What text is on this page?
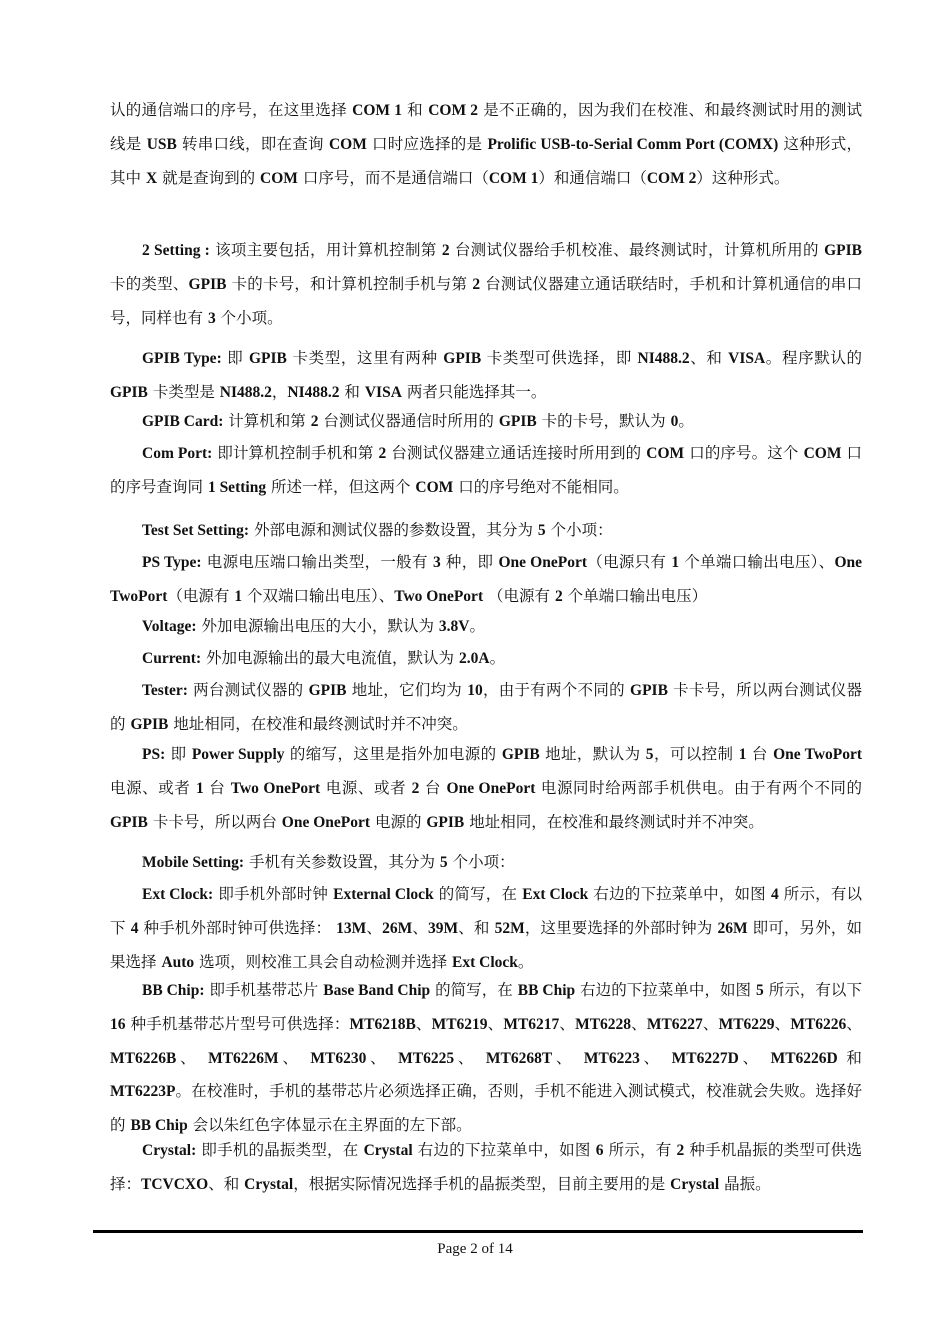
认的通信端口的序号，在这里选择 COM 1 和 COM 2 是不正确的，因为我们在校准、和最终测试时用的测试线是 USB 转串口线，即在查询 COM 口时应选择的是 Prolific USB-to-Serial Comm Port (COMX) 这种形式，其中 X 就是查询到的 COM 口序号，而不是通信端口（COM 1）和通信端口（COM 2）这种形式。

2 Setting : 该项主要包括，用计算机控制第 2 台测试仪器给手机校准、最终测试时，计算机所用的 GPIB 卡的类型、GPIB 卡的卡号，和计算机控制手机与第 2 台测试仪器建立通话联结时，手机和计算机通信的串口号，同样也有 3 个小项。

GPIB Type: 即 GPIB 卡类型，这里有两种 GPIB 卡类型可供选择，即 NI488.2、和 VISA。程序默认的 GPIB 卡类型是 NI488.2，NI488.2 和 VISA 两者只能选择其一。

GPIB Card: 计算机和第 2 台测试仪器通信时所用的 GPIB 卡的卡号，默认为 0。

Com Port: 即计算机控制手机和第 2 台测试仪器建立通话连接时所用到的 COM 口的序号。这个 COM 口的序号查询同 1 Setting 所述一样，但这两个 COM 口的序号绝对不能相同。

Test Set Setting: 外部电源和测试仪器的参数设置，其分为 5 个小项：

PS Type: 电源电压端口输出类型，一般有 3 种，即 One OnePort（电源只有 1 个单端口输出电压）、One TwoPort（电源有 1 个双端口输出电压）、Two OnePort （电源有 2 个单端口输出电压）

Voltage: 外加电源输出电压的大小，默认为 3.8V。

Current: 外加电源输出的最大电流值，默认为 2.0A。

Tester: 两台测试仪器的 GPIB 地址，它们均为 10，由于有两个不同的 GPIB 卡卡号，所以两台测试仪器的 GPIB 地址相同，在校准和最终测试时并不冲突。

PS: 即 Power Supply 的缩写，这里是指外加电源的 GPIB 地址，默认为 5，可以控制 1 台 One TwoPort 电源、或者 1 台 Two OnePort 电源、或者 2 台 One OnePort 电源同时给两部手机供电。由于有两个不同的 GPIB 卡卡号，所以两台 One OnePort 电源的 GPIB 地址相同，在校准和最终测试时并不冲突。

Mobile Setting: 手机有关参数设置，其分为 5 个小项：

Ext Clock: 即手机外部时钟 External Clock 的简写，在 Ext Clock 右边的下拉菜单中，如图 4 所示，有以下 4 种手机外部时钟可供选择： 13M、26M、39M、和 52M，这里要选择的外部时钟为 26M 即可，另外，如果选择 Auto 选项，则校准工具会自动检测并选择 Ext Clock。

BB Chip: 即手机基带芯片 Base Band Chip 的简写，在 BB Chip 右边的下拉菜单中，如图 5 所示，有以下 16 种手机基带芯片型号可供选择：MT6218B、MT6219、MT6217、MT6228、MT6227、MT6229、MT6226、MT6226B、 MT6226M、 MT6230、 MT6225、 MT6268T、 MT6223、 MT6227D、 MT6226D 和 MT6223P。在校准时，手机的基带芯片必须选择正确，否则，手机不能进入测试模式，校准就会失败。选择好的 BB Chip 会以朱红色字体显示在主界面的左下部。

Crystal: 即手机的晶振类型，在 Crystal 右边的下拉菜单中，如图 6 所示，有 2 种手机晶振的类型可供选择：TCVCXO、和 Crystal，根据实际情况选择手机的晶振类型，目前主要用的是 Crystal 晶振。

Page 2 of 14
